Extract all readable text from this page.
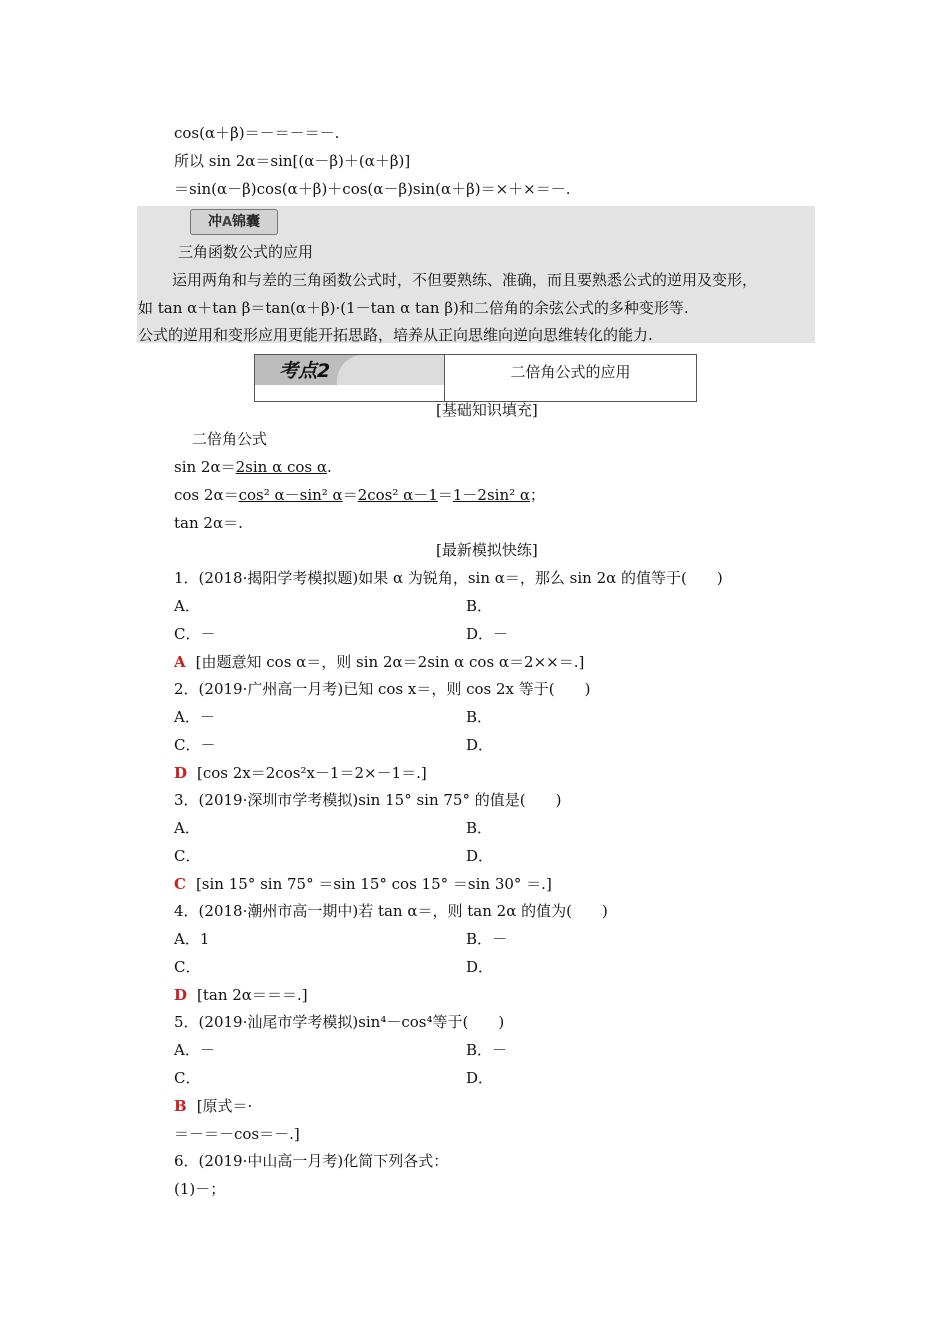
cos(α＋β)＝－＝－＝－.
所以 sin 2α＝sin[(α－β)＋(α＋β)]
＝sin(α－β)cos(α＋β)＋cos(α－β)sin(α＋β)＝×＋×＝－.
冲A锦囊
三角函数公式的应用
运用两角和与差的三角函数公式时，不但要熟练、准确，而且要熟悉公式的逆用及变形，
如 tan α＋tan β＝tan(α＋β)·(1－tan α tan β)和二倍角的余弦公式的多种变形等.
公式的逆用和变形应用更能开拓思路，培养从正向思维向逆向思维转化的能力.
考点2	二倍角公式的应用
[基础知识填充]
二倍角公式
sin 2α＝2sin α cos α.
cos 2α＝cos² α－sin² α＝2cos² α－1＝1－2sin² α；
tan 2α＝.
[最新模拟快练]
1．(2018·揭阳学考模拟题)如果 α 为锐角，sin α＝，那么 sin 2α 的值等于(　　)
A．	B．
C．－	D．－
A [由题意知 cos α＝，则 sin 2α＝2sin α cos α＝2××＝.]
2．(2019·广州高一月考)已知 cos x＝，则 cos 2x 等于(　　)
A．－	B．
C．－	D．
D [cos 2x＝2cos²x－1＝2×－1＝.]
3．(2019·深圳市学考模拟)sin 15° sin 75° 的值是(　　)
A．	B．
C．	D．
C [sin 15° sin 75° ＝sin 15° cos 15° ＝sin 30° ＝.]
4．(2018·潮州市高一期中)若 tan α＝，则 tan 2α 的值为(　　)
A．1	B．－
C．	D．
D [tan 2α＝＝＝.]
5．(2019·汕尾市学考模拟)sin⁴－cos⁴等于(　　)
A．－	B．－
C．	D．
B [原式＝·
＝－＝－cos＝－.]
6．(2019·中山高一月考)化简下列各式：
(1)－；
